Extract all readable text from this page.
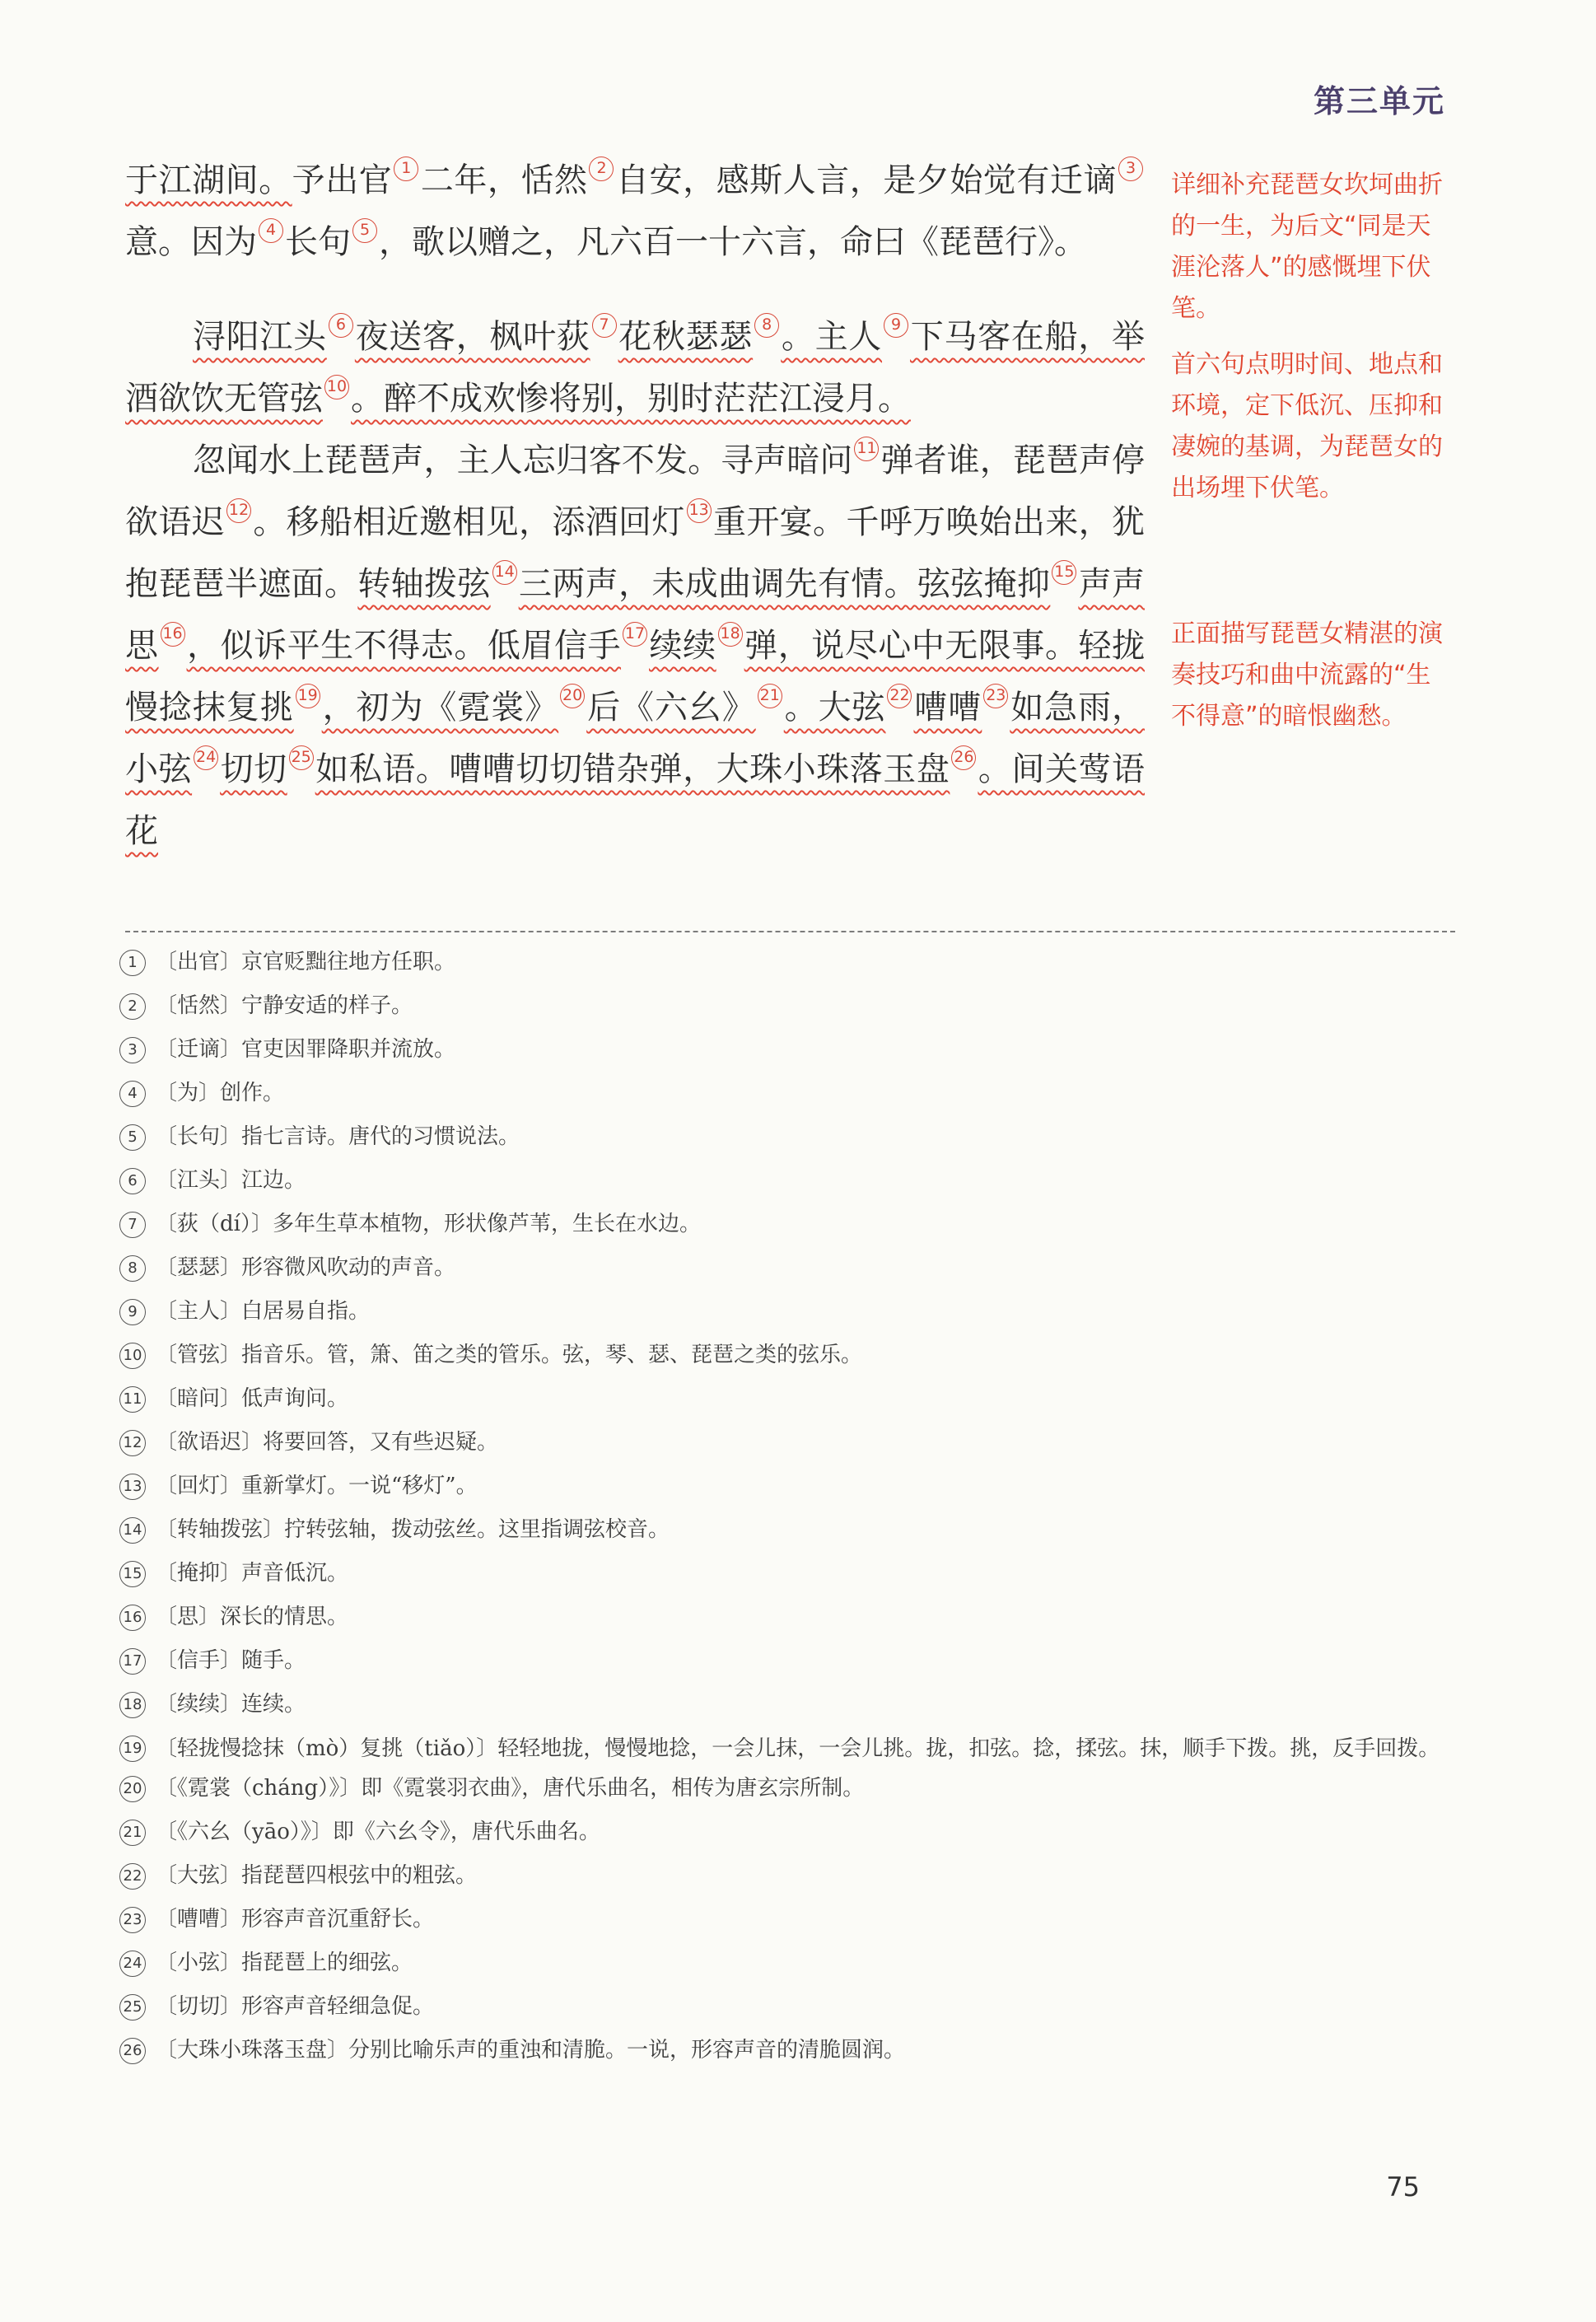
第三单元

于江湖间。予出官 $^1$ 二年，恬然 $^2$ 自安，感斯人言，是夕始觉有迁谪 $^3$意。因为 $^4$ 长句 $^5$ ，歌以赠之，凡六百一十六言，命曰《琵琶行》。

浔阳江头 $^6$ 夜送客，枫叶荻 $^7$ 花秋瑟瑟 $^8$ 。主人 $^9$ 下马客在船，举酒欲饮无管弦 $^{10}$ 。醉不成欢惨将别，别时茫茫江浸月。

忽闻水上琵琶声，主人忘归客不发。寻声暗问 $^{11}$ 弹者谁，琵琶声停欲语迟 $^{12}$ 。移船相近邀相见，添酒回灯 $^{13}$ 重开宴。千呼万唤始出来，犹抱琵琶半遮面。转轴拨弦 $^{14}$ 三两声，未成曲调先有情。弦弦掩抑 $^{15}$ 声声思 $^{16}$ ，似诉平生不得志。低眉信手 $^{17}$ 续续 $^{18}$ 弹，说尽心中无限事。轻拢慢捻抹复挑 $^{19}$ ，初为《霓裳》 $^{20}$ 后《六幺》 $^{21}$ 。大弦 $^{22}$ 嘈嘈 $^{23}$ 如急雨，小弦 $^{24}$ 切切 $^{25}$ 如私语。嘈嘈切切错杂弹，大珠小珠落玉盘 $^{26}$ 。间关莺语花

详细补充琵琶女坎坷曲折的一生，为后文“同是天涯沦落人”的感慨埋下伏笔。
首六句点明时间、地点和环境，定下低沉、压抑和凄婉的基调，为琵琶女的出场埋下伏笔。
正面描写琵琶女精湛的演奏技巧和曲中流露的“生不得意”的暗恨幽愁。
1 〔出官〕京官贬黜往地方任职。
2 〔恬然〕宁静安适的样子。
3 〔迁谪〕官吏因罪降职并流放。
4 〔为〕创作。
5 〔长句〕指七言诗。唐代的习惯说法。
6 〔江头〕江边。
7 〔荻（dí）〕多年生草本植物，形状像芦苇，生长在水边。
8 〔瑟瑟〕形容微风吹动的声音。
9 〔主人〕白居易自指。
10 〔管弦〕指音乐。管，箫、笛之类的管乐。弦，琴、瑟、琵琶之类的弦乐。
11 〔暗问〕低声询问。
12 〔欲语迟〕将要回答，又有些迟疑。
13 〔回灯〕重新掌灯。一说“移灯”。
14 〔转轴拨弦〕拧转弦轴，拨动弦丝。这里指调弦校音。
15 〔掩抑〕声音低沉。
16 〔思〕深长的情思。
17 〔信手〕随手。
18 〔续续〕连续。
19 〔轻拢慢捻抹（mò）复挑（tiǎo）〕轻轻地拢，慢慢地捻，一会儿抹，一会儿挑。拢，扣弦。捻，揉弦。抹，顺手下拨。挑，反手回拨。
20 〔《霓裳（cháng）》〕即《霓裳羽衣曲》，唐代乐曲名，相传为唐玄宗所制。
21 〔《六幺（yāo）》〕即《六幺令》，唐代乐曲名。
22 〔大弦〕指琵琶四根弦中的粗弦。
23 〔嘈嘈〕形容声音沉重舒长。
24 〔小弦〕指琵琶上的细弦。
25 〔切切〕形容声音轻细急促。
26 〔大珠小珠落玉盘〕分别比喻乐声的重浊和清脆。一说，形容声音的清脆圆润。
75
